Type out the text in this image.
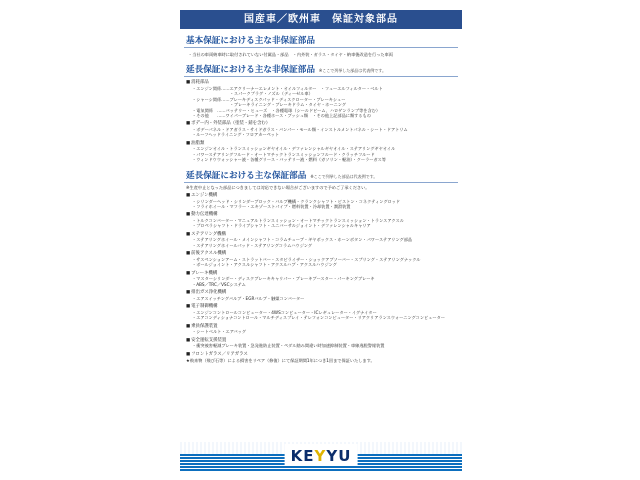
国産車／欧州車　保証対象部品
基本保証における主な非保証部品
・当社の車両納車時に取付されていない付属品・部品　・内外装・ガラス・タイヤ・納車後改造を行った車両
延長保証における主な非保証部品 ※ここで列挙した部品は代表例です。
■ 消耗部品
・エンジン関係‥‥‥エアクリーナーエレメント・オイルフィルター　・フューエルフィルター・ベルト
　　　　　　　　　・スパークプラグ・ノズル（ディーゼル車）
・シャーシ関係‥‥‥ブレーキディスクパッド・ディスクローター・ブレーキシュー
　　　　　　　　　・ブレーキライニング・ブレーキドラム・タイヤ・ホーニング
・電気関係　‥‥‥バッテリー・ヒューズ　・各種電球（シールドビーム、ハロゲンランプ等を含む）
・その他　　‥‥‥ワイパーブレード・各種ホース・ブッシュ類　・その他上記部品に類するもの
■ ボデー内・外装部品（塗装・錆を含む）
・ボデーパネル・ドアガラス・サイドガラス・バンパー・モール類・インストルメントパネル・シート・ドアトリム
・ルーフヘッドライニング・フロアカーペット
■ 油脂類
・エンジンオイル・トランスミッションギヤオイル・デファレンシャルギヤオイル・ステアリングギヤオイル
・パワーステアリングフルード・オートマチックトランスミッションフルード・クラッチフルード
・ウィンドウウォッシャー液・各種グリース・バッテリー液・燃料（ガソリン・軽油）・クーラーガス等
延長保証における主な保証部品 ※ここで列挙した部品は代表例です。
※生産中止となった部品につきましては対応できない場合がございますので予めご了承ください。
■ エンジン機構
・シリンダーヘッド・シリンダーブロック・バルブ機構・クランクシャフト・ピストン・コネクティングロッド
・フライホイール・マフラー・エキゾーストパイプ・燃料装置・冷却装置・潤滑装置
■ 動力伝達機構
・トルクコンバーター・マニュアルトランスミッション・オートマチックトランスミッション・トランスアクスル
・プロペラシャフト・ドライブシャフト・ユニバーサルジョイント・デファレンシャルキャリア
■ ステアリング機構
・ステアリングホイール・メインシャフト・コラムチューブ・ギヤボックス・ホーンボタン・パワーステアリング部品
・ステアリングホイールパッド・ステアリングコラムハウジング
■ 前後アクスル機構
・サスペンションアーム・ストラットバー・スタビライザー・ショックアブソーバー・スプリング・ステアリングナックル
・ボールジョイント・アクスルシャフト・アクスルハブ・アクスルハウジング
■ ブレーキ機構
・マスターシリンダー・ディスクブレーキキャリパー・ブレーキブースター・パーキングブレーキ
・ABS／TRC／VSCシステム
■ 排出ガス浄化機構
・エアスイッチングバルブ・EGRバルブ・触媒コンバーター
■ 電子制御機構
・エンジンコントロールコンピューター・4WSコンピューター・ICレギュレーター・イグナイター
・エアコンディショナコントロール・マルチディスプレイ・テレフォンコンピューター・リアクリアランスウォーニングコンピューター
■ 乗員保護装置
・シートベルト・エアバッグ
■ 安全運転支援装置
・衝突被害軽減ブレーキ装置・急発進防止装置・ペダル踏み間違い時加速抑制装置・車線逸脱警報装置
■ フロントガラス／リアガラス
★飛来物（飛び石等）による損害をリペア（修復）にて保証期間1年につき1回まで保証いたします。
KEYYU
